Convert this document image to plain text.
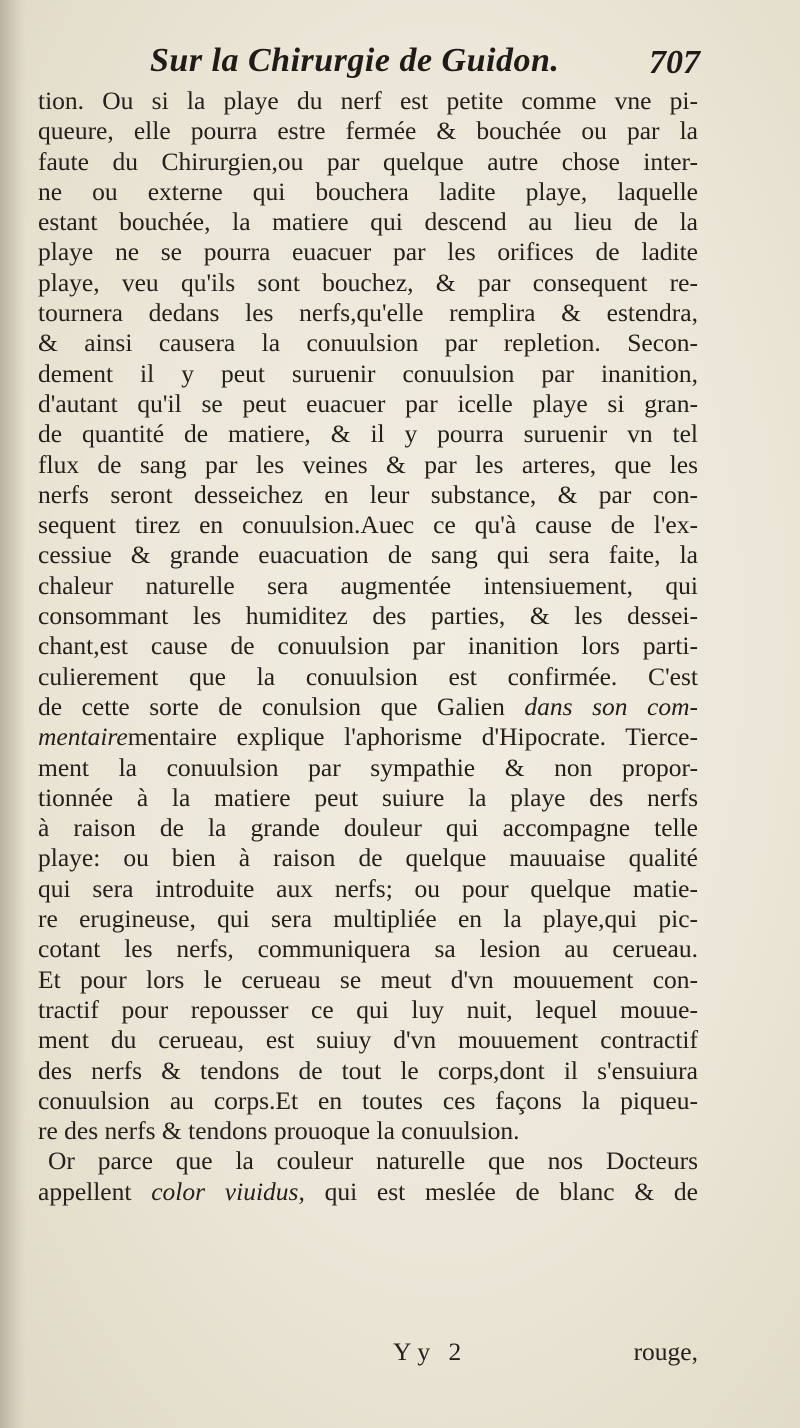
Sur la Chirurgie de Guidon.	707
tion. Ou si la playe du nerf est petite comme vne pi-
queure, elle pourra estre fermée & bouchée ou par la
faute du Chirurgien,ou par quelque autre chose inter-
ne ou externe qui bouchera ladite playe, laquelle
estant bouchée, la matiere qui descend au lieu de la
playe ne se pourra euacuer par les orifices de ladite
playe, veu qu'ils sont bouchez, & par consequent re-
tournera dedans les nerfs,qu'elle remplira & estendra,
& ainsi causera la conuulsion par repletion. Secon-
dement il y peut suruenir conuulsion par inanition,
d'autant qu'il se peut euacuer par icelle playe si gran-
de quantité de matiere, & il y pourra suruenir vn tel
flux de sang par les veines & par les arteres, que les
nerfs seront desseichez en leur substance, & par con-
sequent tirez en conuulsion.Auec ce qu'à cause de l'ex-
cessiue & grande euacuation de sang qui sera faite, la
chaleur naturelle sera augmentée intensiuement, qui
consommant les humiditez des parties, & les dessei-
chant,est cause de conuulsion par inanition lors parti-
culierement que la conuulsion est confirmée. C'est
de cette sorte de conulsion que Galien dans son com-
mentairementaire explique l'aphorisme d'Hipocrate. Tierce-
ment la conuulsion par sympathie & non propor-
tionnée à la matiere peut suiure la playe des nerfs
à raison de la grande douleur qui accompagne telle
playe: ou bien à raison de quelque mauuaise qualité
qui sera introduite aux nerfs; ou pour quelque matie-
re erugineuse, qui sera multipliée en la playe,qui pic-
cotant les nerfs, communiquera sa lesion au cerueau.
Et pour lors le cerueau se meut d'vn mouuement con-
tractif pour repousser ce qui luy nuit, lequel mouue-
ment du cerueau, est suiuy d'vn mouuement contractif
des nerfs & tendons de tout le corps,dont il s'ensuiura
conuulsion au corps.Et en toutes ces façons la piqueu-
re des nerfs & tendons prouoque la conuulsion.
Or parce que la couleur naturelle que nos Docteurs
appellent color viuidus, qui est meslée de blanc & de
Yy 2	rouge,
